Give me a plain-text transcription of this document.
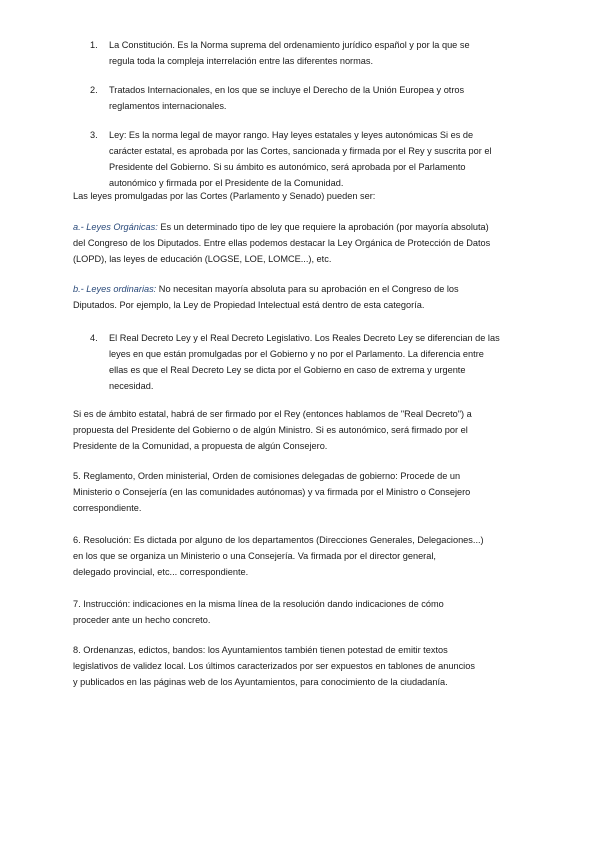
1.	La Constitución. Es la Norma suprema del ordenamiento jurídico español y por la que se

regula toda la compleja interrelación entre las diferentes normas.

2.	Tratados Internacionales, en los que se incluye el Derecho de la Unión Europea y otros

reglamentos internacionales.

3.	Ley: Es la norma legal de mayor rango. Hay leyes estatales y leyes autonómicas Si es de

carácter estatal, es aprobada por las Cortes, sancionada y firmada por el Rey y suscrita por el

Presidente del Gobierno. Si su ámbito es autonómico, será aprobada por el Parlamento

autonómico y firmada por el Presidente de la Comunidad.

Las leyes promulgadas por las Cortes (Parlamento y Senado) pueden ser:

a.- Leyes Orgánicas: Es un determinado tipo de ley que requiere la aprobación (por mayoría absoluta)

del Congreso de los Diputados. Entre ellas podemos destacar la Ley Orgánica de Protección de Datos

(LOPD), las leyes de educación (LOGSE, LOE, LOMCE...), etc.

b.- Leyes ordinarias: No necesitan mayoría absoluta para su aprobación en el Congreso de los

Diputados. Por ejemplo, la Ley de Propiedad Intelectual está dentro de esta categoría.

4.	El Real Decreto Ley y el Real Decreto Legislativo. Los Reales Decreto Ley se diferencian de las

leyes en que están promulgadas por el Gobierno y no por el Parlamento. La diferencia entre

ellas es que el Real Decreto Ley se dicta por el Gobierno en caso de extrema y urgente

necesidad.

Si es de ámbito estatal, habrá de ser firmado por el Rey (entonces hablamos de "Real Decreto") a

propuesta del Presidente del Gobierno o de algún Ministro. Si es autonómico, será firmado por el

Presidente de la Comunidad, a propuesta de algún Consejero.

5. Reglamento, Orden ministerial, Orden de comisiones delegadas de gobierno: Procede de un

Ministerio o Consejería (en las comunidades autónomas) y va firmada por el Ministro o Consejero

correspondiente.

6. Resolución: Es dictada por alguno de los departamentos (Direcciones Generales, Delegaciones...)

en los que se organiza un Ministerio o una Consejería. Va firmada por el director general,

delegado provincial, etc... correspondiente.

7. Instrucción: indicaciones en la misma línea de la resolución dando indicaciones de cómo

proceder ante un hecho concreto.

8. Ordenanzas, edictos, bandos: los Ayuntamientos también tienen potestad de emitir textos

legislativos de validez local. Los últimos caracterizados por ser expuestos en tablones de anuncios

y publicados en las páginas web de los Ayuntamientos, para conocimiento de la ciudadanía.
